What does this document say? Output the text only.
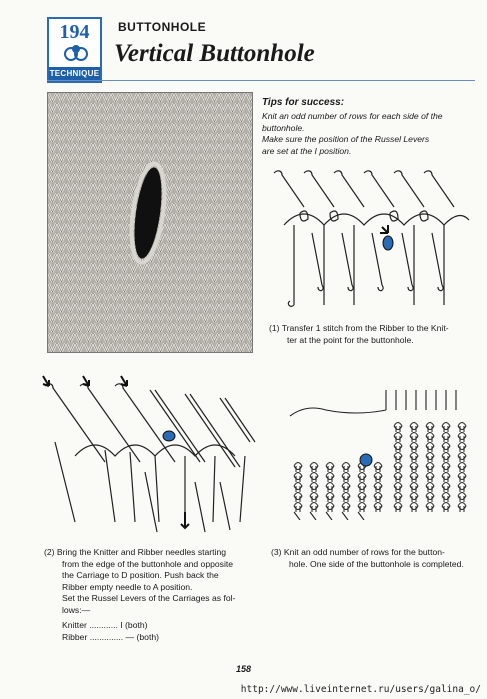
194
TECHNIQUE
BUTTONHOLE
Vertical Buttonhole
Tips for success:
Knit an odd number of rows for each side of the
buttonhole.
Make sure the position of the Russel Levers
are set at the I position.
(1) Transfer 1 stitch from the Ribber to the Knit-
ter at the point for the buttonhole.
(2) Bring the Knitter and Ribber needles starting
from the edge of the buttonhole and opposite
the Carriage to D position. Push back the
Ribber empty needle to A position.
Set the Russel Levers of the Carriages as fol-
lows:—
Knitter ............ I (both)
Ribber .............. — (both)
(3) Knit an odd number of rows for the button-
hole. One side of the buttonhole is completed.
158
http://www.liveinternet.ru/users/galina_o/
